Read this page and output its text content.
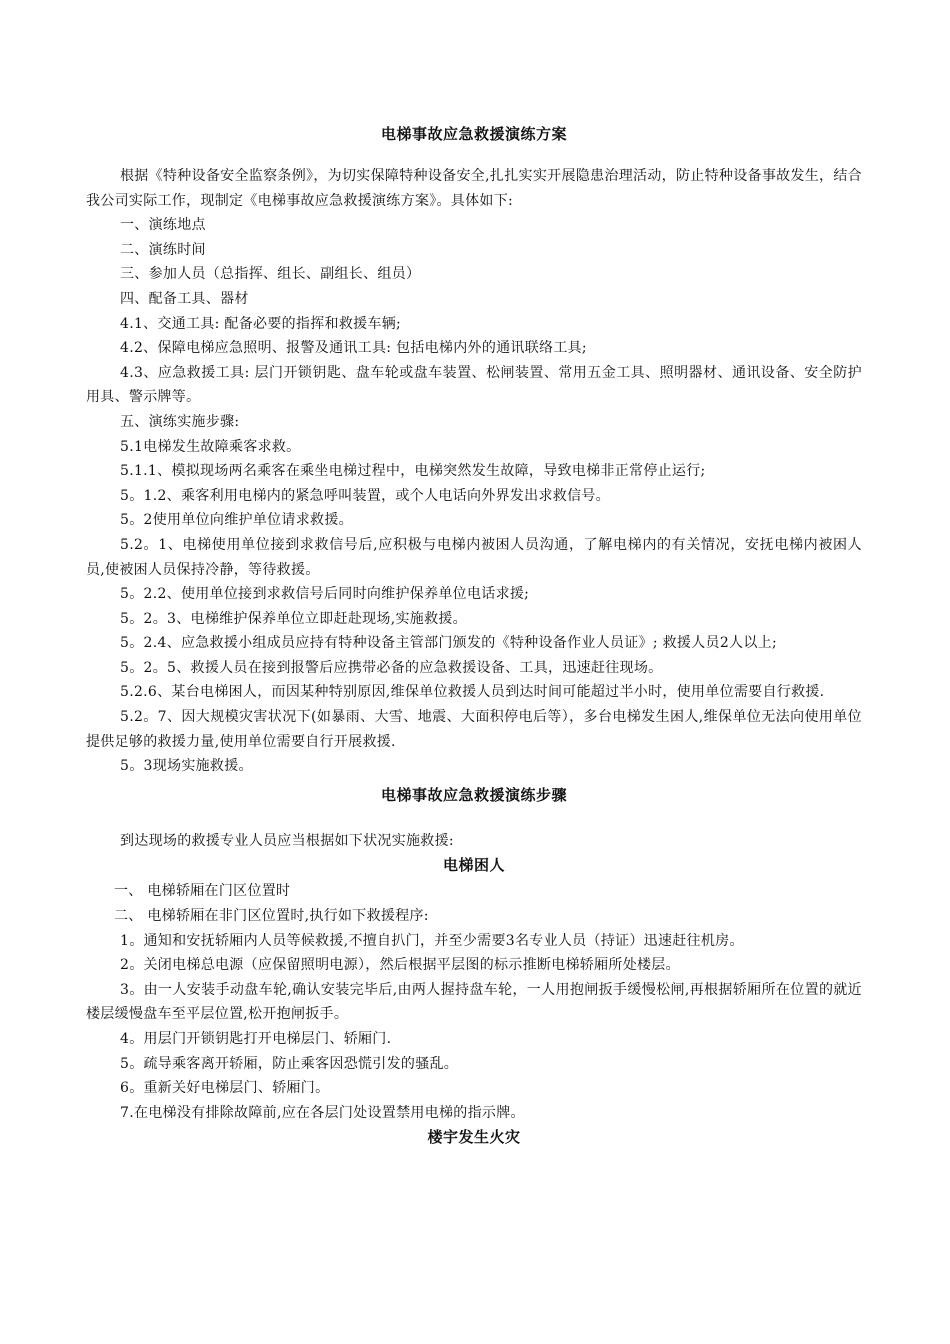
电梯事故应急救援演练方案

根据《特种设备安全监察条例》，为切实保障特种设备安全,扎扎实实开展隐患治理活动，防止特种设备事故发生，结合我公司实际工作，现制定《电梯事故应急救援演练方案》。具体如下:

一、演练地点

二、演练时间

三、参加人员（总指挥、组长、副组长、组员）

四、配备工具、器材

4.1、交通工具: 配备必要的指挥和救援车辆;

4.2、保障电梯应急照明、报警及通讯工具: 包括电梯内外的通讯联络工具;

4.3、应急救援工具: 层门开锁钥匙、盘车轮或盘车装置、松闸装置、常用五金工具、照明器材、通讯设备、安全防护用具、警示牌等。

五、演练实施步骤:

5.1电梯发生故障乘客求救。

5.1.1、模拟现场两名乘客在乘坐电梯过程中，电梯突然发生故障，导致电梯非正常停止运行;

5。1.2、乘客利用电梯内的紧急呼叫装置，或个人电话向外界发出求救信号。

5。2使用单位向维护单位请求救援。

5.2。1、电梯使用单位接到求救信号后,应积极与电梯内被困人员沟通，了解电梯内的有关情况，安抚电梯内被困人员,使被困人员保持冷静，等待救援。

5。2.2、使用单位接到求救信号后同时向维护保养单位电话求援;

5。2。3、电梯维护保养单位立即赶赴现场,实施救援。

5。2.4、应急救援小组成员应持有特种设备主管部门颁发的《特种设备作业人员证》; 救援人员2人以上;

5。2。5、救援人员在接到报警后应携带必备的应急救援设备、工具，迅速赶往现场。

5.2.6、某台电梯困人，而因某种特别原因,维保单位救援人员到达时间可能超过半小时，使用单位需要自行救援.

5.2。7、因大规模灾害状况下(如暴雨、大雪、地震、大面积停电后等），多台电梯发生困人,维保单位无法向使用单位提供足够的救援力量,使用单位需要自行开展救援.

5。3现场实施救援。

电梯事故应急救援演练步骤

到达现场的救援专业人员应当根据如下状况实施救援:

电梯困人

一、 电梯轿厢在门区位置时

二、 电梯轿厢在非门区位置时,执行如下救援程序:

1。通知和安抚轿厢内人员等候救援,不擅自扒门，并至少需要3名专业人员（持证）迅速赶往机房。

2。关闭电梯总电源（应保留照明电源），然后根据平层图的标示推断电梯轿厢所处楼层。

3。由一人安装手动盘车轮,确认安装完毕后,由两人握持盘车轮，一人用抱闸扳手缓慢松闸,再根据轿厢所在位置的就近楼层缓慢盘车至平层位置,松开抱闸扳手。

4。用层门开锁钥匙打开电梯层门、轿厢门.

5。疏导乘客离开轿厢，防止乘客因恐慌引发的骚乱。

6。重新关好电梯层门、轿厢门。

7.在电梯没有排除故障前,应在各层门处设置禁用电梯的指示牌。

楼宇发生火灾
